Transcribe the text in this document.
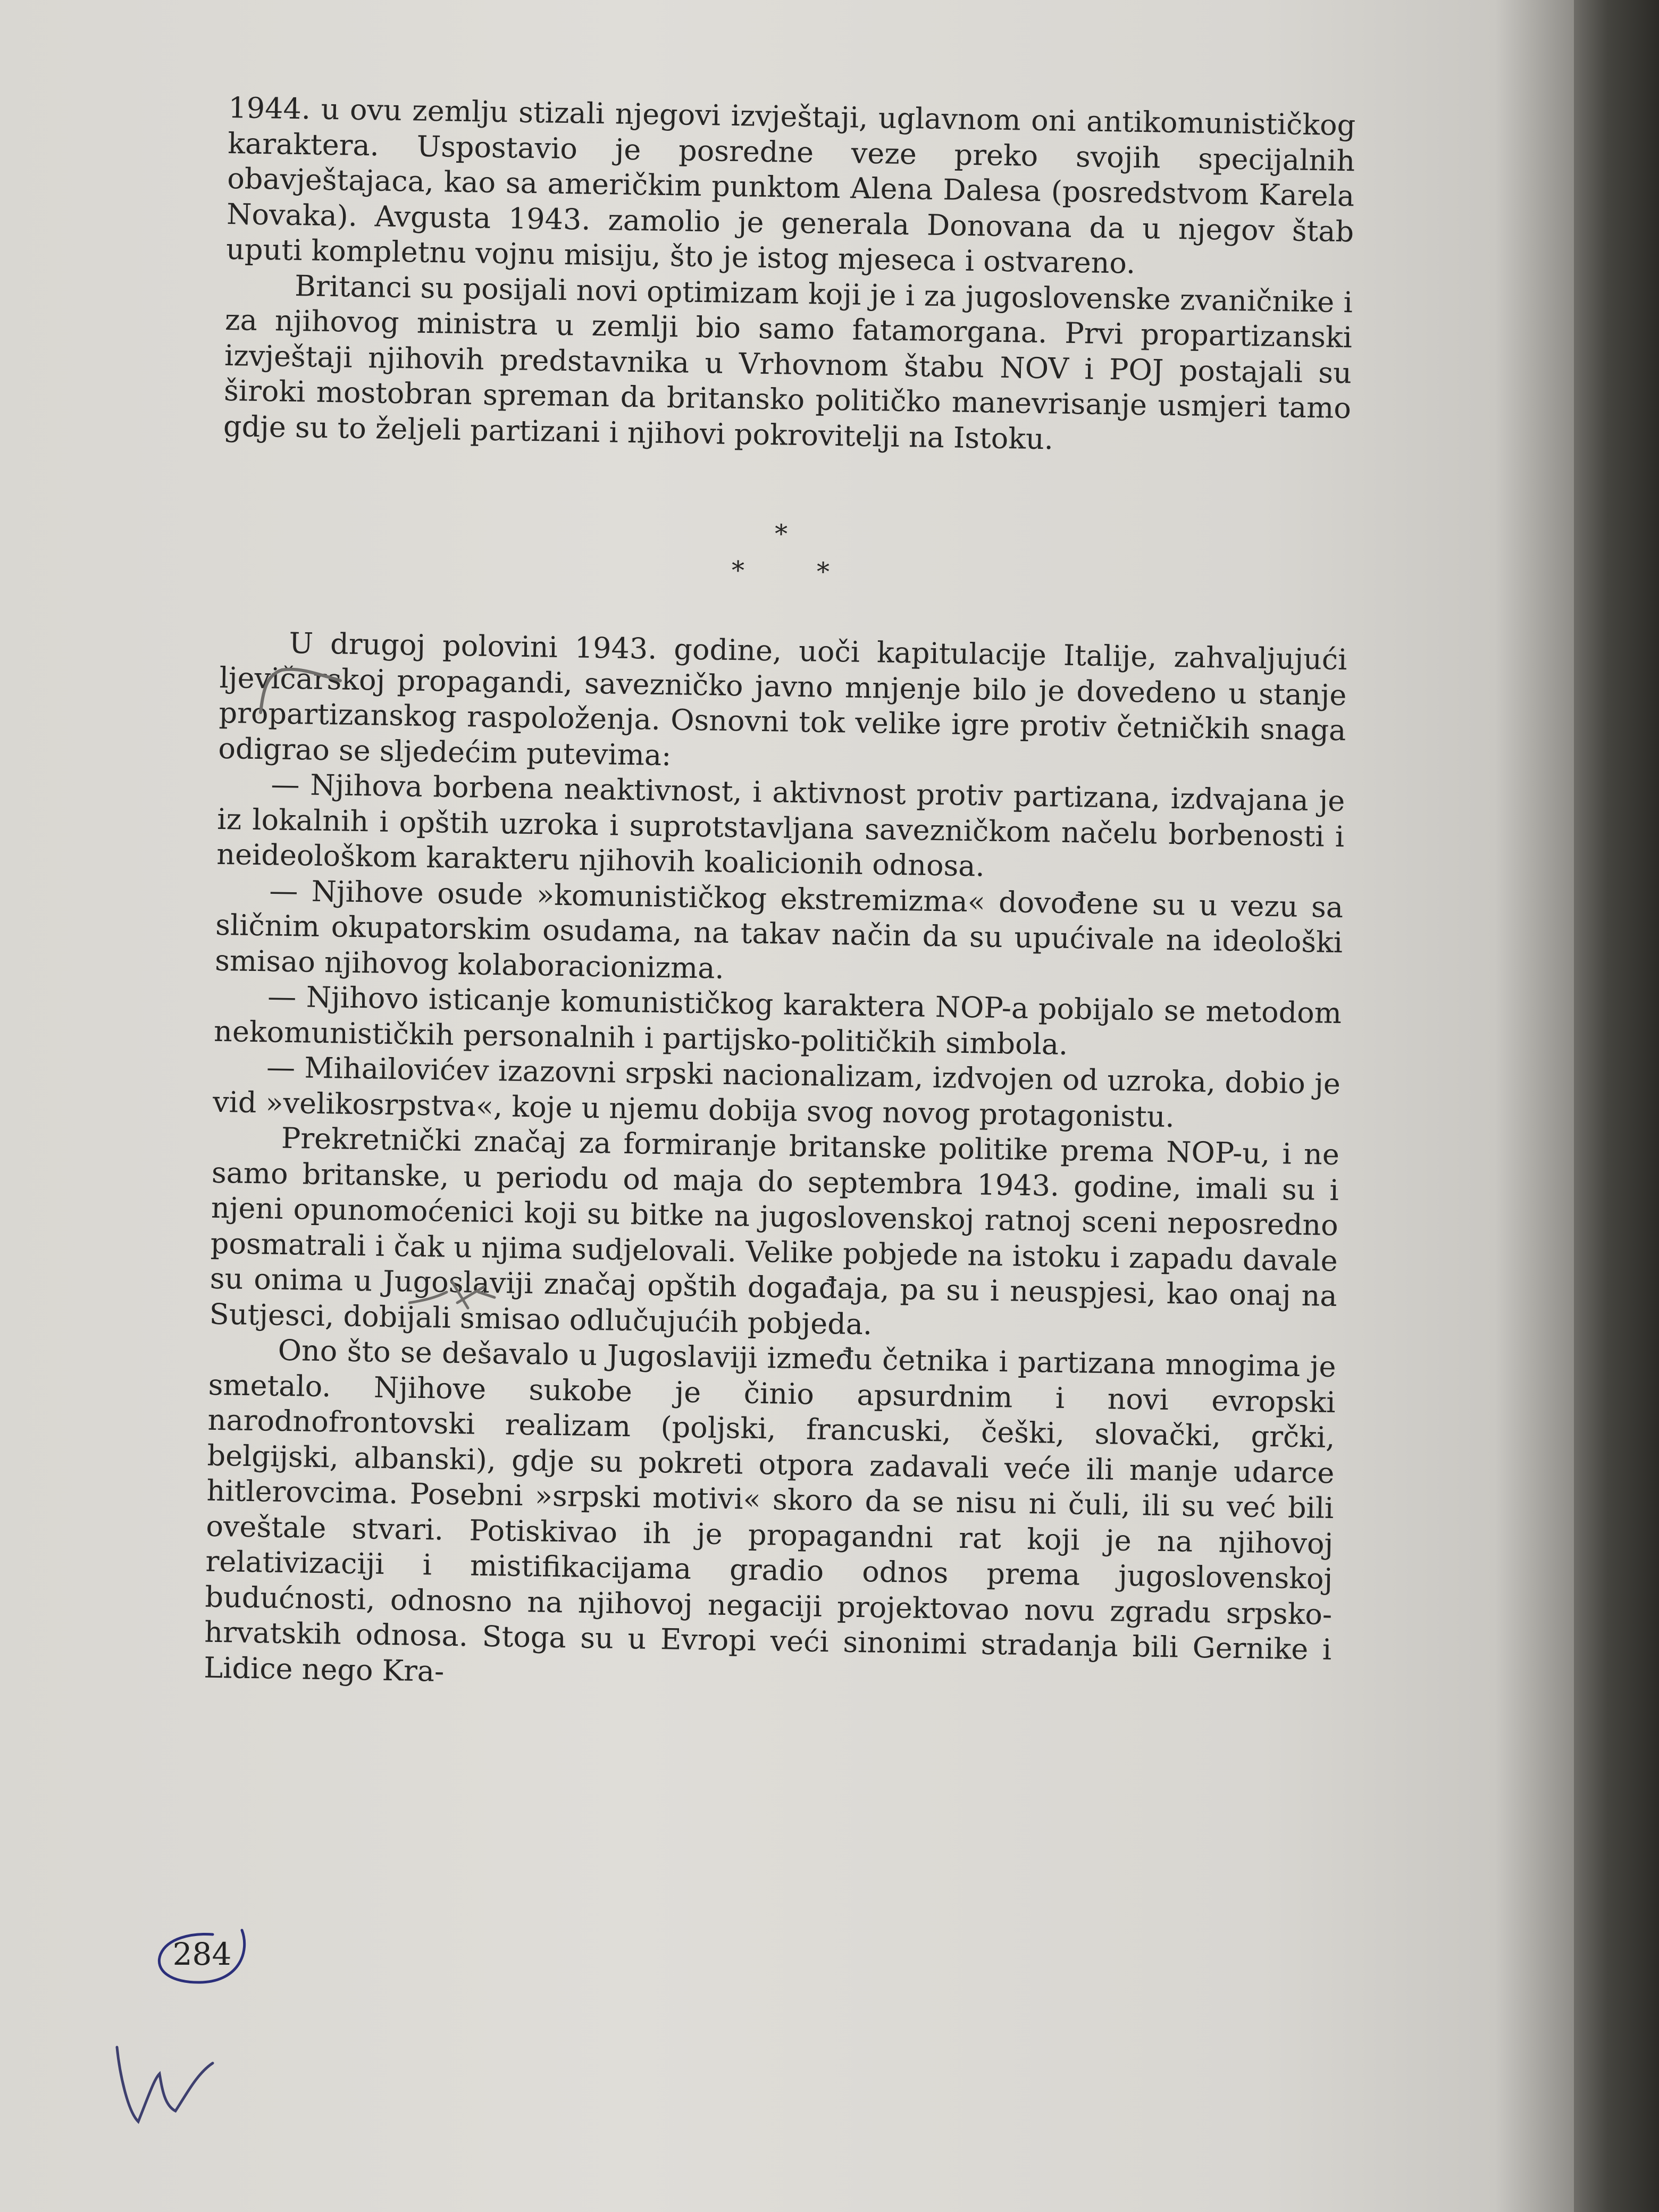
1944. u ovu zemlju stizali njegovi izvještaji, uglavnom oni antikomunističkog karaktera. Uspostavio je posredne veze preko svojih specijalnih obavještajaca, kao sa američkim punktom Alena Dalesa (posredstvom Karela Novaka). Avgusta 1943. zamolio je generala Donovana da u njegov štab uputi kompletnu vojnu misiju, što je istog mjeseca i ostvareno.

Britanci su posijali novi optimizam koji je i za jugoslovenske zvaničnike i za njihovog ministra u zemlji bio samo fatamorgana. Prvi propartizanski izvještaji njihovih predstavnika u Vrhovnom štabu NOV i POJ postajali su široki mostobran spreman da britansko političko manevrisanje usmjeri tamo gdje su to željeli partizani i njihovi pokrovitelji na Istoku.

*
*	*

U drugoj polovini 1943. godine, uoči kapitulacije Italije, zahvaljujući ljevičarskoj propagandi, savezničko javno mnjenje bilo je dovedeno u stanje propartizanskog raspoloženja. Osnovni tok velike igre protiv četničkih snaga odigrao se sljedećim putevima:

— Njihova borbena neaktivnost, i aktivnost protiv partizana, izdvajana je iz lokalnih i opštih uzroka i suprotstavljana savezničkom načelu borbenosti i neideološkom karakteru njihovih koalicionih odnosa.

— Njihove osude »komunističkog ekstremizma« dovođene su u vezu sa sličnim okupatorskim osudama, na takav način da su upućivale na ideološki smisao njihovog kolaboracionizma.

— Njihovo isticanje komunističkog karaktera NOP-a pobijalo se metodom nekomunističkih personalnih i partijsko-političkih simbola.

— Mihailovićev izazovni srpski nacionalizam, izdvojen od uzroka, dobio je vid »velikosrpstva«, koje u njemu dobija svog novog protagonistu.

Prekretnički značaj za formiranje britanske politike prema NOP-u, i ne samo britanske, u periodu od maja do septembra 1943. godine, imali su i njeni opunomoćenici koji su bitke na jugoslovenskoj ratnoj sceni neposredno posmatrali i čak u njima sudjelovali. Velike pobjede na istoku i zapadu davale su onima u Jugoslaviji značaj opštih događaja, pa su i neuspjesi, kao onaj na Sutjesci, dobijali smisao odlučujućih pobjeda.

Ono što se dešavalo u Jugoslaviji između četnika i partizana mnogima je smetalo. Njihove sukobe je činio apsurdnim i novi evropski narodnofrontovski realizam (poljski, francuski, češki, slovački, grčki, belgijski, albanski), gdje su pokreti otpora zadavali veće ili manje udarce hitlerovcima. Posebni »srpski motivi« skoro da se nisu ni čuli, ili su već bili oveštale stvari. Potiskivao ih je propagandni rat koji je na njihovoj relativizaciji i mistifikacijama gradio odnos prema jugoslovenskoj budućnosti, odnosno na njihovoj negaciji projektovao novu zgradu srpsko-hrvatskih odnosa. Stoga su u Evropi veći sinonimi stradanja bili Gernike i Lidice nego Kra-

284
